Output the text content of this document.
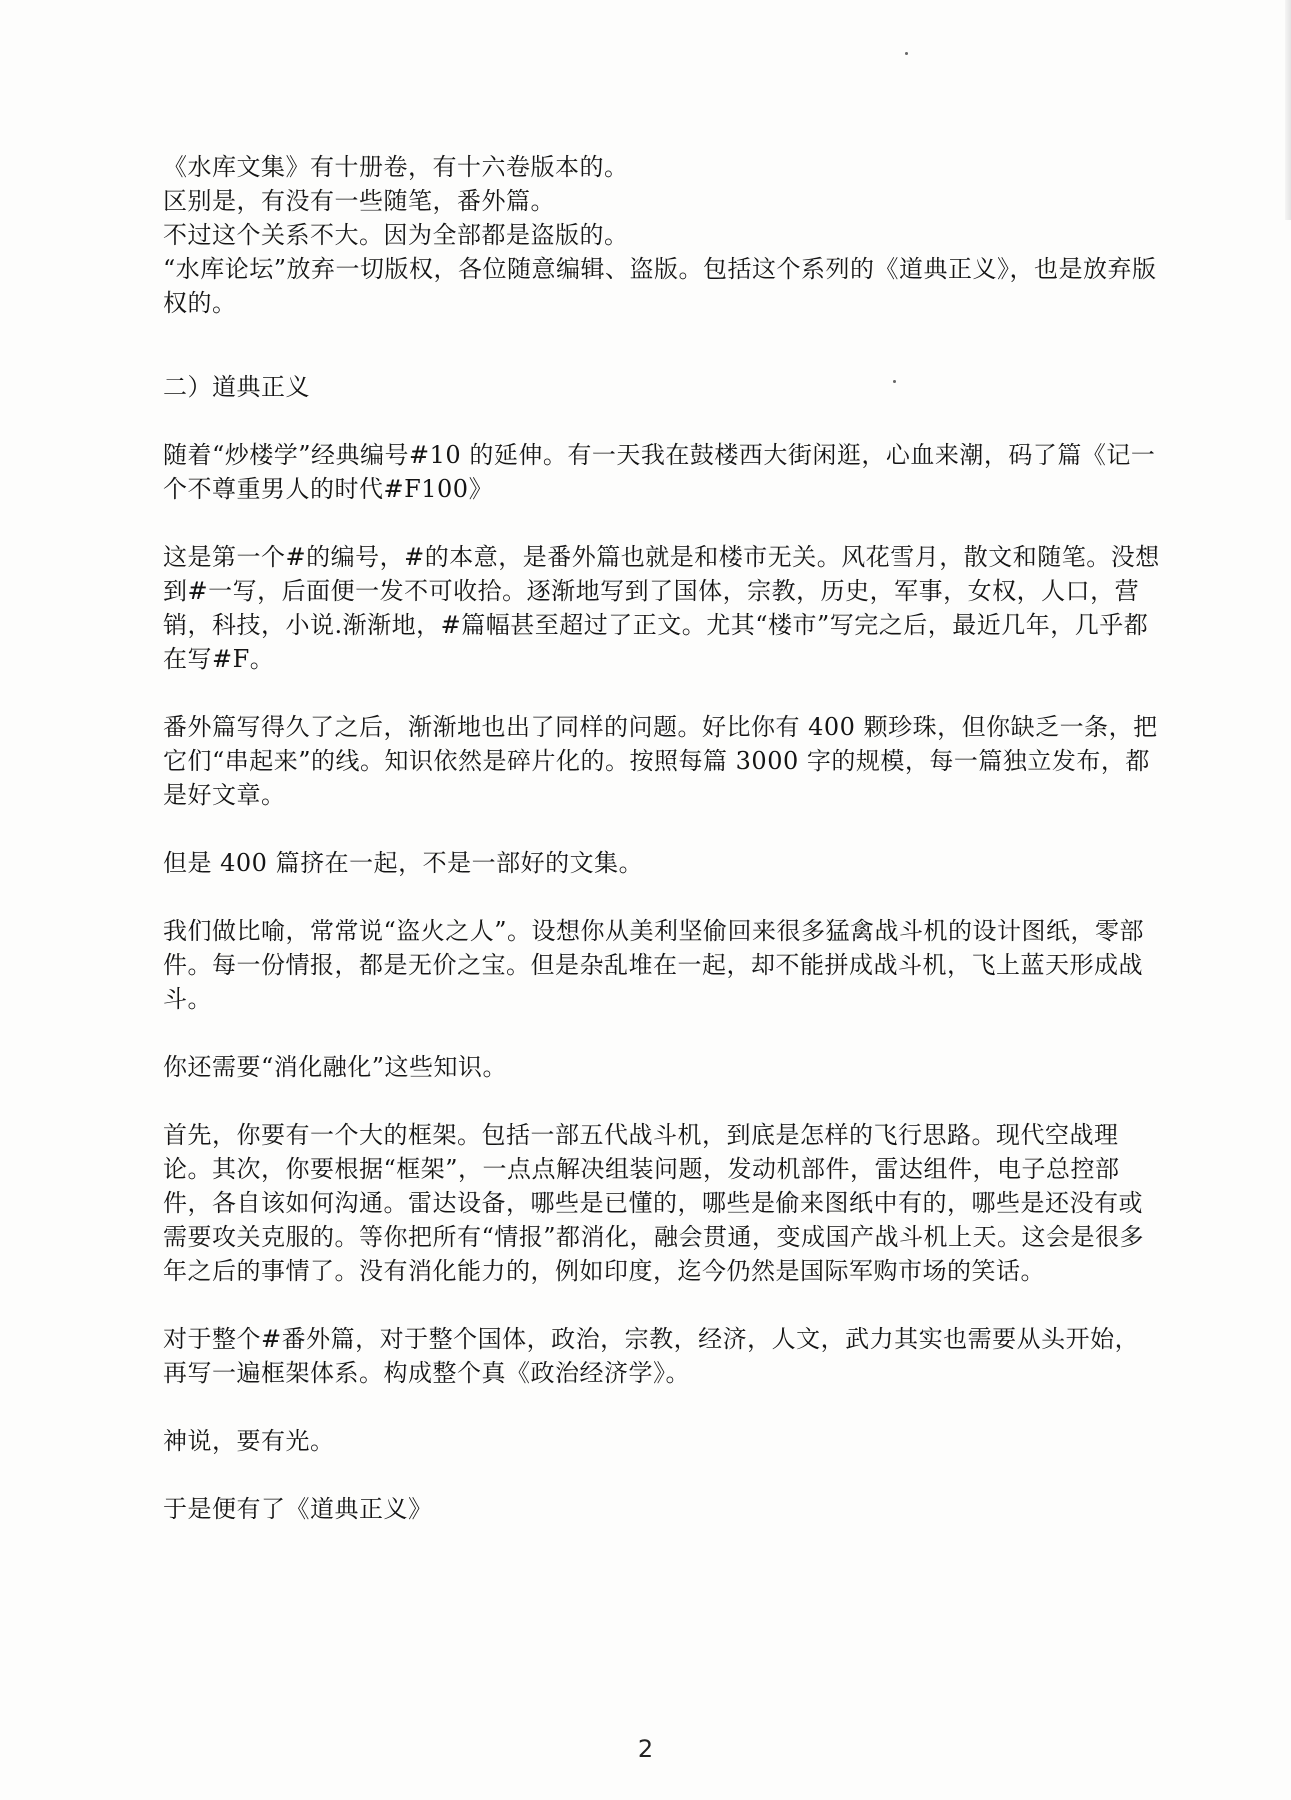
《水库文集》有十册卷，有十六卷版本的。

区别是，有没有一些随笔，番外篇。

不过这个关系不大。因为全部都是盗版的。

“水库论坛”放弃一切版权，各位随意编辑、盗版。包括这个系列的《道典正义》，也是放弃版权的。

二）道典正义

随着“炒楼学”经典编号#10 的延伸。有一天我在鼓楼西大街闲逛，心血来潮，码了篇《记一个不尊重男人的时代#F100》

这是第一个#的编号，#的本意，是番外篇也就是和楼市无关。风花雪月，散文和随笔。没想到#一写，后面便一发不可收拾。逐渐地写到了国体，宗教，历史，军事，女权，人口，营销，科技，小说.渐渐地，#篇幅甚至超过了正文。尤其“楼市”写完之后，最近几年，几乎都在写#F。

番外篇写得久了之后，渐渐地也出了同样的问题。好比你有 400 颗珍珠，但你缺乏一条，把它们“串起来”的线。知识依然是碎片化的。按照每篇 3000 字的规模，每一篇独立发布，都是好文章。

但是 400 篇挤在一起，不是一部好的文集。

我们做比喻，常常说“盗火之人”。设想你从美利坚偷回来很多猛禽战斗机的设计图纸，零部件。每一份情报，都是无价之宝。但是杂乱堆在一起，却不能拼成战斗机，飞上蓝天形成战斗。

你还需要“消化融化”这些知识。

首先，你要有一个大的框架。包括一部五代战斗机，到底是怎样的飞行思路。现代空战理论。其次，你要根据“框架”，一点点解决组装问题，发动机部件，雷达组件，电子总控部件，各自该如何沟通。雷达设备，哪些是已懂的，哪些是偷来图纸中有的，哪些是还没有或需要攻关克服的。等你把所有“情报”都消化，融会贯通，变成国产战斗机上天。这会是很多年之后的事情了。没有消化能力的，例如印度，迄今仍然是国际军购市场的笑话。

对于整个#番外篇，对于整个国体，政治，宗教，经济，人文，武力其实也需要从头开始，再写一遍框架体系。构成整个真《政治经济学》。

神说，要有光。

于是便有了《道典正义》

2
